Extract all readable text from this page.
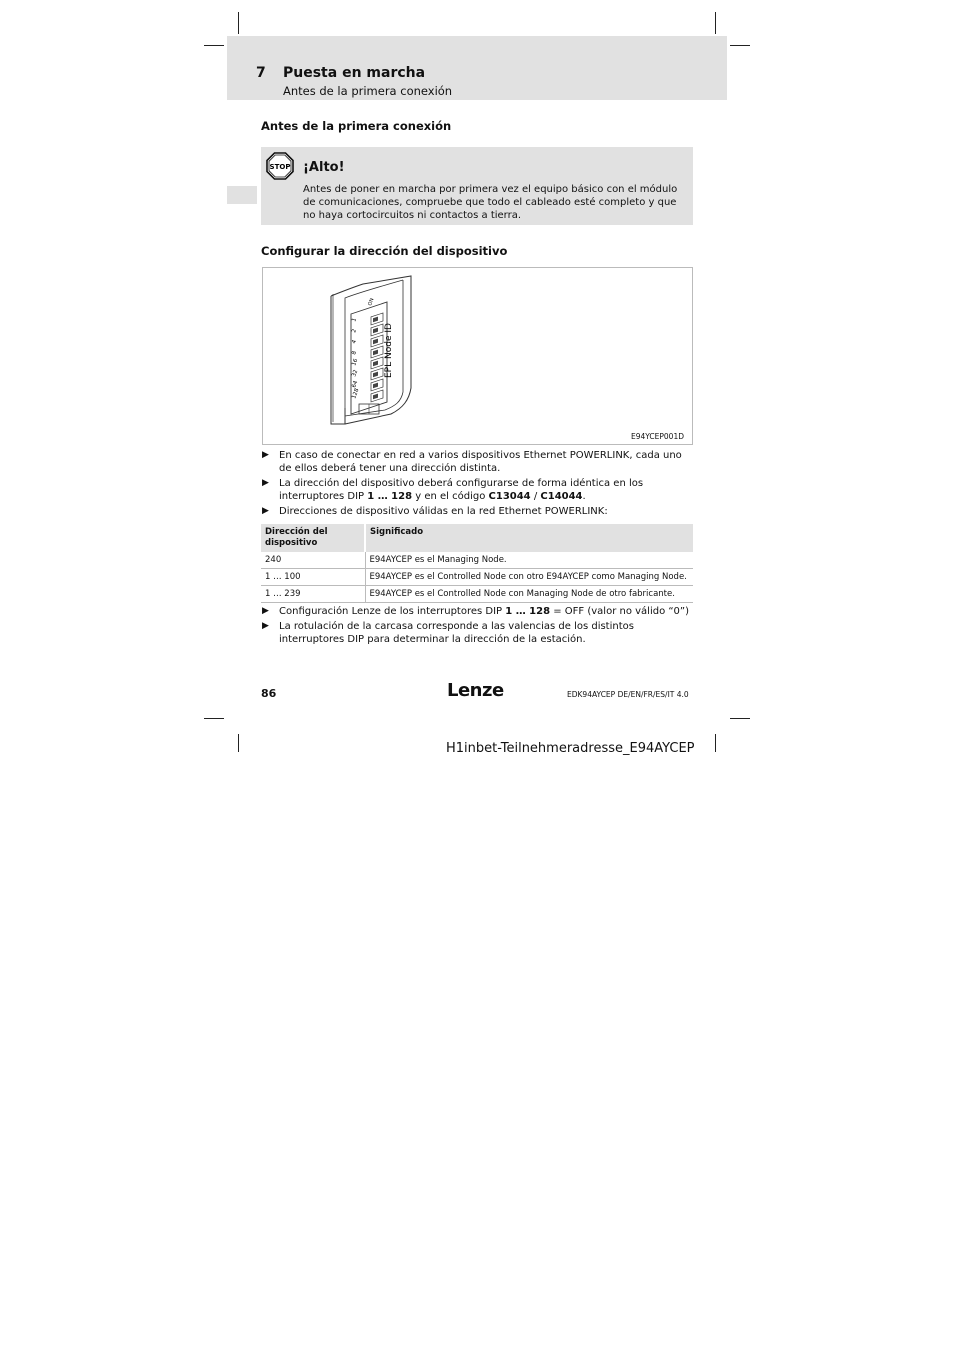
7 Puesta en marcha
Antes de la primera conexión
Antes de la primera conexión
STOP ¡Alto!
Antes de poner en marcha por primera vez el equipo básico con el módulo de comunicaciones, compruebe que todo el cableado esté completo y que no haya cortocircuitos ni contactos a tierra.
Configurar la dirección del dispositivo
1
2
4
8
16
32
64
128
ON
EPL Node ID
E94YCEP001D
▶ En caso de conectar en red a varios dispositivos Ethernet POWERLINK, cada uno de ellos deberá tener una dirección distinta.
▶ La dirección del dispositivo deberá configurarse de forma idéntica en los interruptores DIP 1 … 128 y en el código C13044 / C14044.
▶ Direcciones de dispositivo válidas en la red Ethernet POWERLINK:
Dirección del dispositivo	Significado
240	E94AYCEP es el Managing Node.
1 … 100	E94AYCEP es el Controlled Node con otro E94AYCEP como Managing Node.
1 … 239	E94AYCEP es el Controlled Node con Managing Node de otro fabricante.
▶ Configuración Lenze de los interruptores DIP 1 … 128 = OFF (valor no válido “0”)
▶ La rotulación de la carcasa corresponde a las valencias de los distintos interruptores DIP para determinar la dirección de la estación.
86	Lenze	EDK94AYCEP DE/EN/FR/ES/IT 4.0
H1inbet-Teilnehmeradresse_E94AYCEP
